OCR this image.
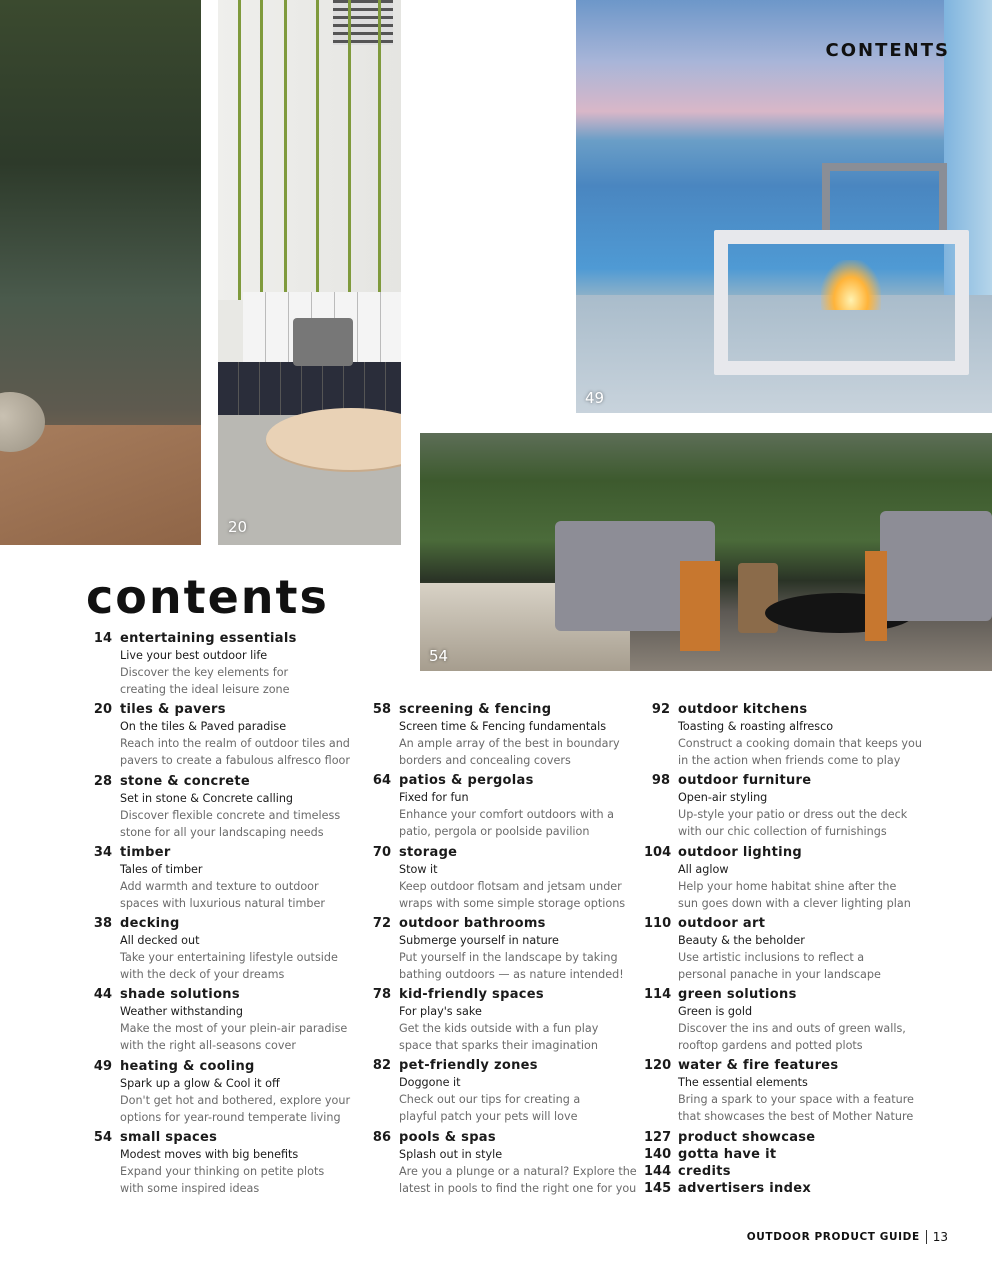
20
49
54
CONTENTS
contents
14 entertaining essentials
Live your best outdoor life
Discover the key elements for
creating the ideal leisure zone
20 tiles & pavers
On the tiles & Paved paradise
Reach into the realm of outdoor tiles and
pavers to create a fabulous alfresco floor
28 stone & concrete
Set in stone & Concrete calling
Discover flexible concrete and timeless
stone for all your landscaping needs
34 timber
Tales of timber
Add warmth and texture to outdoor
spaces with luxurious natural timber
38 decking
All decked out
Take your entertaining lifestyle outside
with the deck of your dreams
44 shade solutions
Weather withstanding
Make the most of your plein-air paradise
with the right all-seasons cover
49 heating & cooling
Spark up a glow & Cool it off
Don't get hot and bothered, explore your
options for year-round temperate living
54 small spaces
Modest moves with big benefits
Expand your thinking on petite plots
with some inspired ideas
58 screening & fencing
Screen time & Fencing fundamentals
An ample array of the best in boundary
borders and concealing covers
64 patios & pergolas
Fixed for fun
Enhance your comfort outdoors with a
patio, pergola or poolside pavilion
70 storage
Stow it
Keep outdoor flotsam and jetsam under
wraps with some simple storage options
72 outdoor bathrooms
Submerge yourself in nature
Put yourself in the landscape by taking
bathing outdoors — as nature intended!
78 kid-friendly spaces
For play's sake
Get the kids outside with a fun play
space that sparks their imagination
82 pet-friendly zones
Doggone it
Check out our tips for creating a
playful patch your pets will love
86 pools & spas
Splash out in style
Are you a plunge or a natural? Explore the
latest in pools to find the right one for you
92 outdoor kitchens
Toasting & roasting alfresco
Construct a cooking domain that keeps you
in the action when friends come to play
98 outdoor furniture
Open-air styling
Up-style your patio or dress out the deck
with our chic collection of furnishings
104 outdoor lighting
All aglow
Help your home habitat shine after the
sun goes down with a clever lighting plan
110 outdoor art
Beauty & the beholder
Use artistic inclusions to reflect a
personal panache in your landscape
114 green solutions
Green is gold
Discover the ins and outs of green walls,
rooftop gardens and potted plots
120 water & fire features
The essential elements
Bring a spark to your space with a feature
that showcases the best of Mother Nature
127 product showcase
140 gotta have it
144 credits
145 advertisers index
OUTDOOR PRODUCT GUIDE 13
